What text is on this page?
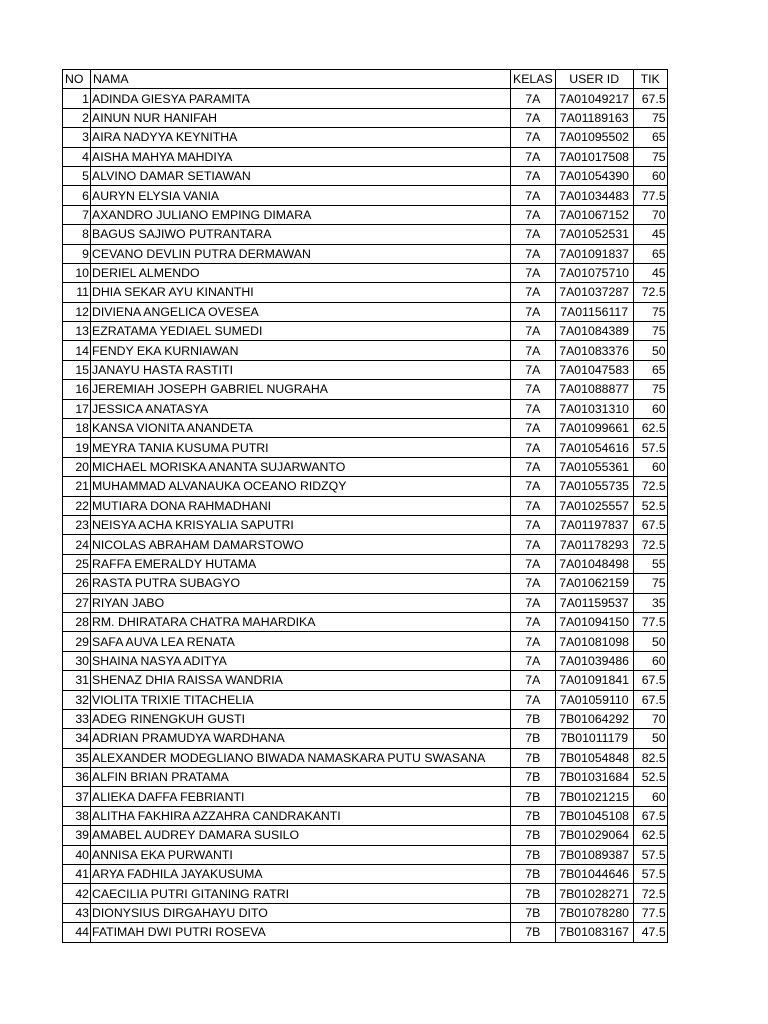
NO	NAMA	KELAS	USER ID	TIK
1	ADINDA GIESYA PARAMITA	7A	7A01049217	67.5
2	AINUN NUR HANIFAH	7A	7A01189163	75
3	AIRA NADYYA KEYNITHA	7A	7A01095502	65
4	AISHA MAHYA MAHDIYA	7A	7A01017508	75
5	ALVINO DAMAR SETIAWAN	7A	7A01054390	60
6	AURYN ELYSIA VANIA	7A	7A01034483	77.5
7	AXANDRO JULIANO EMPING DIMARA	7A	7A01067152	70
8	BAGUS SAJIWO PUTRANTARA	7A	7A01052531	45
9	CEVANO DEVLIN PUTRA DERMAWAN	7A	7A01091837	65
10	DERIEL ALMENDO	7A	7A01075710	45
11	DHIA SEKAR AYU KINANTHI	7A	7A01037287	72.5
12	DIVIENA ANGELICA OVESEA	7A	7A01156117	75
13	EZRATAMA YEDIAEL SUMEDI	7A	7A01084389	75
14	FENDY EKA KURNIAWAN	7A	7A01083376	50
15	JANAYU HASTA RASTITI	7A	7A01047583	65
16	JEREMIAH JOSEPH GABRIEL NUGRAHA	7A	7A01088877	75
17	JESSICA ANATASYA	7A	7A01031310	60
18	KANSA VIONITA ANANDETA	7A	7A01099661	62.5
19	MEYRA TANIA KUSUMA PUTRI	7A	7A01054616	57.5
20	MICHAEL MORISKA ANANTA SUJARWANTO	7A	7A01055361	60
21	MUHAMMAD ALVANAUKA OCEANO RIDZQY	7A	7A01055735	72.5
22	MUTIARA DONA RAHMADHANI	7A	7A01025557	52.5
23	NEISYA ACHA KRISYALIA SAPUTRI	7A	7A01197837	67.5
24	NICOLAS ABRAHAM DAMARSTOWO	7A	7A01178293	72.5
25	RAFFA EMERALDY HUTAMA	7A	7A01048498	55
26	RASTA PUTRA SUBAGYO	7A	7A01062159	75
27	RIYAN JABO	7A	7A01159537	35
28	RM. DHIRATARA CHATRA MAHARDIKA	7A	7A01094150	77.5
29	SAFA AUVA LEA RENATA	7A	7A01081098	50
30	SHAINA NASYA ADITYA	7A	7A01039486	60
31	SHENAZ DHIA RAISSA WANDRIA	7A	7A01091841	67.5
32	VIOLITA TRIXIE TITACHELIA	7A	7A01059110	67.5
33	ADEG RINENGKUH GUSTI	7B	7B01064292	70
34	ADRIAN PRAMUDYA WARDHANA	7B	7B01011179	50
35	ALEXANDER MODEGLIANO BIWADA NAMASKARA PUTU SWASANA	7B	7B01054848	82.5
36	ALFIN BRIAN PRATAMA	7B	7B01031684	52.5
37	ALIEKA DAFFA FEBRIANTI	7B	7B01021215	60
38	ALITHA FAKHIRA AZZAHRA CANDRAKANTI	7B	7B01045108	67.5
39	AMABEL AUDREY DAMARA SUSILO	7B	7B01029064	62.5
40	ANNISA EKA PURWANTI	7B	7B01089387	57.5
41	ARYA FADHILA JAYAKUSUMA	7B	7B01044646	57.5
42	CAECILIA PUTRI GITANING RATRI	7B	7B01028271	72.5
43	DIONYSIUS DIRGAHAYU DITO	7B	7B01078280	77.5
44	FATIMAH DWI PUTRI ROSEVA	7B	7B01083167	47.5
